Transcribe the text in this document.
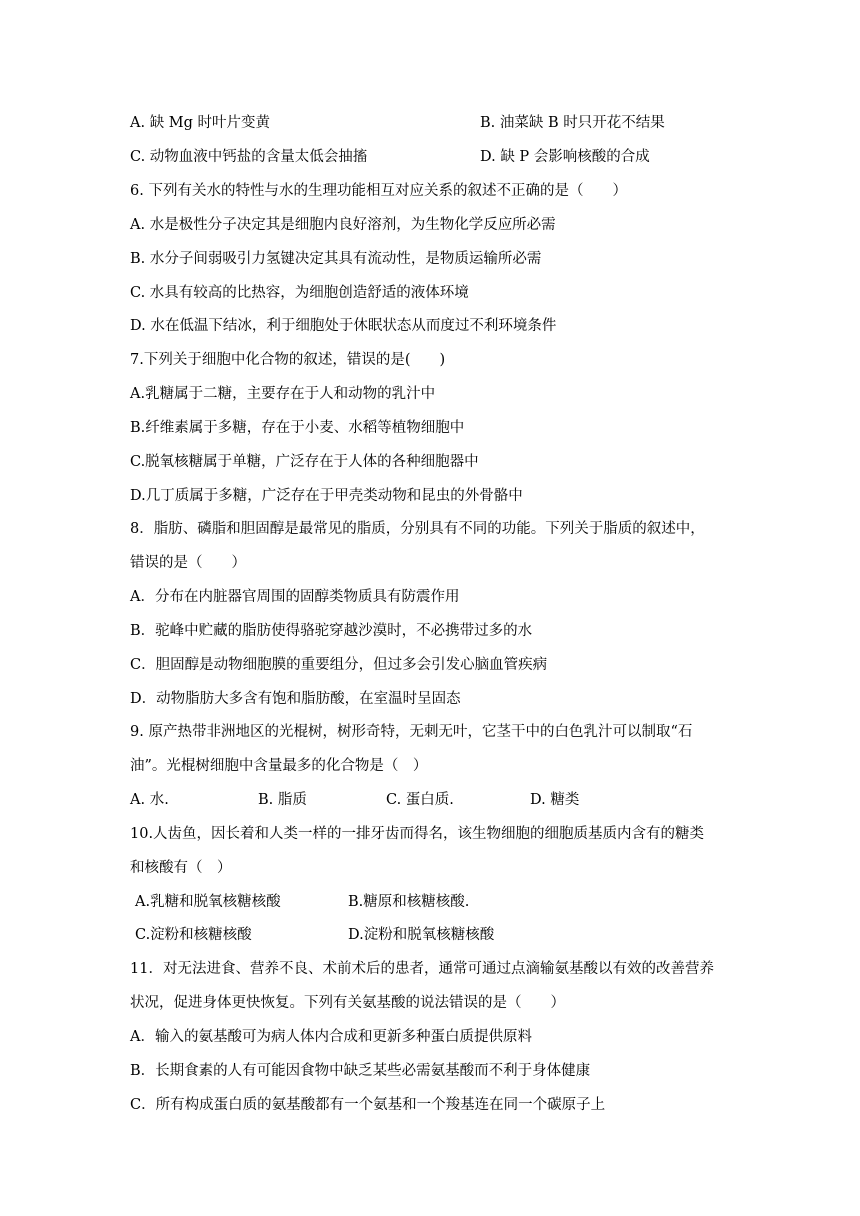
A. 缺 Mg 时叶片变黄	B. 油菜缺 B 时只开花不结果
C. 动物血液中钙盐的含量太低会抽搐	D. 缺 P 会影响核酸的合成
6. 下列有关水的特性与水的生理功能相互对应关系的叙述不正确的是（　　）
A. 水是极性分子决定其是细胞内良好溶剂，为生物化学反应所必需
B. 水分子间弱吸引力氢键决定其具有流动性，是物质运输所必需
C. 水具有较高的比热容，为细胞创造舒适的液体环境
D. 水在低温下结冰，利于细胞处于休眠状态从而度过不利环境条件
7.下列关于细胞中化合物的叙述，错误的是(　　)
A.乳糖属于二糖，主要存在于人和动物的乳汁中
B.纤维素属于多糖，存在于小麦、水稻等植物细胞中
C.脱氧核糖属于单糖，广泛存在于人体的各种细胞器中
D.几丁质属于多糖，广泛存在于甲壳类动物和昆虫的外骨骼中
8．脂肪、磷脂和胆固醇是最常见的脂质，分别具有不同的功能。下列关于脂质的叙述中，
错误的是（　　）
A．分布在内脏器官周围的固醇类物质具有防震作用
B．驼峰中贮藏的脂肪使得骆驼穿越沙漠时，不必携带过多的水
C．胆固醇是动物细胞膜的重要组分，但过多会引发心脑血管疾病
D．动物脂肪大多含有饱和脂肪酸，在室温时呈固态
9. 原产热带非洲地区的光棍树，树形奇特，无刺无叶，它茎干中的白色乳汁可以制取“石
油”。光棍树细胞中含量最多的化合物是（　）
A. 水.	B. 脂质	C. 蛋白质.	D. 糖类
10.人齿鱼，因长着和人类一样的一排牙齿而得名，该生物细胞的细胞质基质内含有的糖类
和核酸有（　）
A.乳糖和脱氧核糖核酸	B.糖原和核糖核酸.
C.淀粉和核糖核酸	D.淀粉和脱氧核糖核酸
11．对无法进食、营养不良、术前术后的患者，通常可通过点滴输氨基酸以有效的改善营养
状况，促进身体更快恢复。下列有关氨基酸的说法错误的是（　　）
A．输入的氨基酸可为病人体内合成和更新多种蛋白质提供原料
B．长期食素的人有可能因食物中缺乏某些必需氨基酸而不利于身体健康
C．所有构成蛋白质的氨基酸都有一个氨基和一个羧基连在同一个碳原子上
